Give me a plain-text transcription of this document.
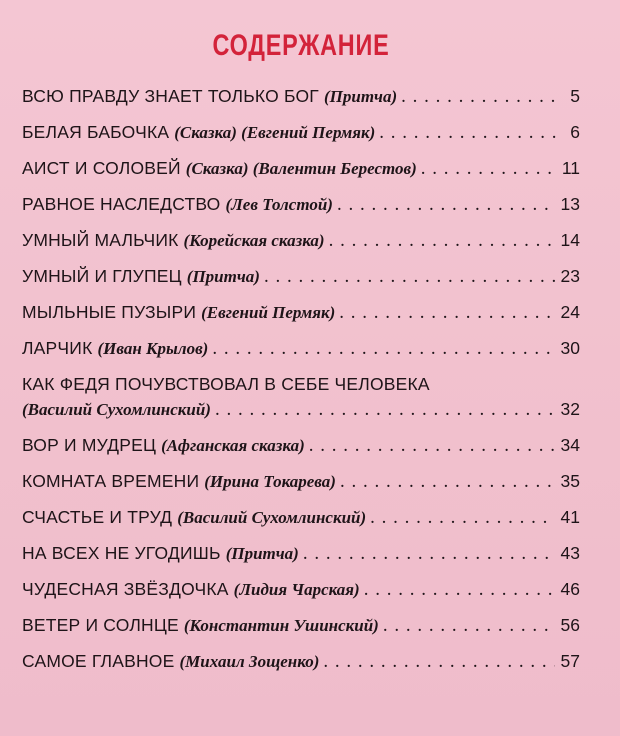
СОДЕРЖАНИЕ
ВСЮ ПРАВДУ ЗНАЕТ ТОЛЬКО БОГ (Притча) . . .	5
БЕЛАЯ БАБОЧКА (Сказка) (Евгений Пермяк) . . .	6
АИСТ И СОЛОВЕЙ (Сказка) (Валентин Берестов) . . .	11
РАВНОЕ НАСЛЕДСТВО (Лев Толстой) . . .	13
УМНЫЙ МАЛЬЧИК (Корейская сказка) . . .	14
УМНЫЙ И ГЛУПЕЦ (Притча) . . .	23
МЫЛЬНЫЕ ПУЗЫРИ (Евгений Пермяк) . . .	24
ЛАРЧИК (Иван Крылов) . . .	30
КАК ФЕДЯ ПОЧУВСТВОВАЛ В СЕБЕ ЧЕЛОВЕКА
(Василий Сухомлинский) . . .	32
ВОР И МУДРЕЦ (Афганская сказка) . . .	34
КОМНАТА ВРЕМЕНИ (Ирина Токарева) . . .	35
СЧАСТЬЕ И ТРУД (Василий Сухомлинский) . . .	41
НА ВСЕХ НЕ УГОДИШЬ (Притча) . . .	43
ЧУДЕСНАЯ ЗВЁЗДОЧКА (Лидия Чарская) . . .	46
ВЕТЕР И СОЛНЦЕ (Константин Ушинский) . . .	56
САМОЕ ГЛАВНОЕ (Михаил Зощенко) . . .	57
